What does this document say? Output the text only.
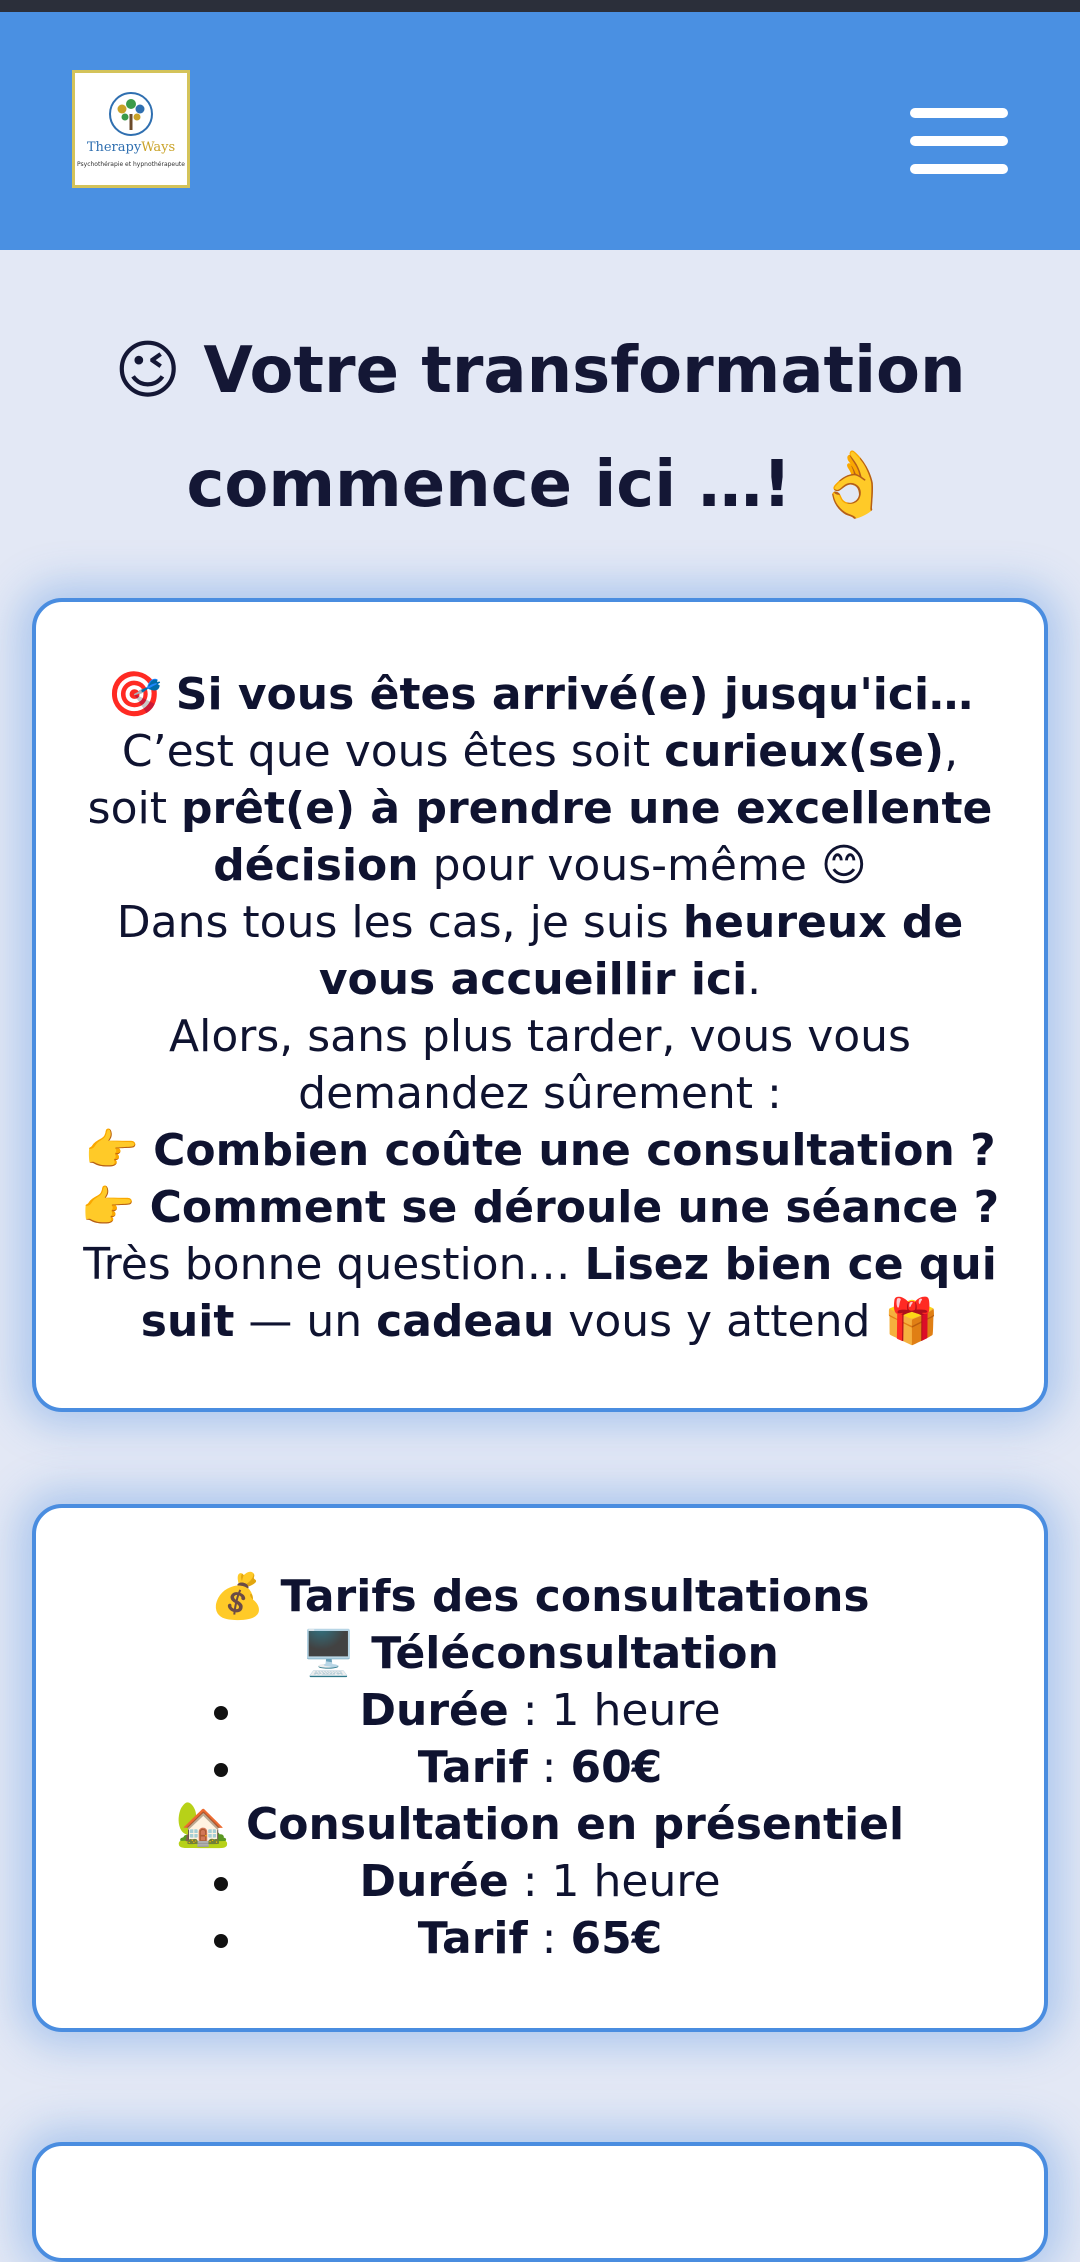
TherapyWays
Psychothérapie et hypnothérapeute
😉 Votre transformation commence ici …! 👌

🎯 Si vous êtes arrivé(e) jusqu'ici…

C’est que vous êtes soit curieux(se),

soit prêt(e) à prendre une excellente décision pour vous-même 😊

Dans tous les cas, je suis heureux de vous accueillir ici.

Alors, sans plus tarder, vous vous demandez sûrement :

👉 Combien coûte une consultation ?

👉 Comment se déroule une séance ?

Très bonne question… Lisez bien ce qui suit — un cadeau vous y attend 🎁

💰 Tarifs des consultations

🖥️ Téléconsultation

Durée : 1 heure
Tarif : 60€

🏡 Consultation en présentiel

Durée : 1 heure
Tarif : 65€
